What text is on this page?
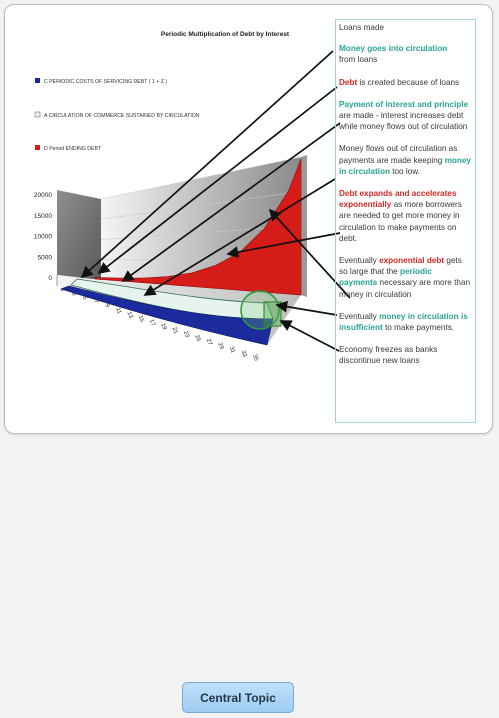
Periodic Multiplication of Debt by Interest
C PERIODIC COSTS OF SERVICING DEBT ( 1 + Z )
A CIRCULATION OF COMMERCE SUSTAINED BY CIRCULATION
D Period ENDING DEBT
20000
15000
10000
5000
0
1
3
5
7
9
11
13 15 17 19 21 23 25 27 29 31 33 35
Loans made
Money goes into circulation
from loans
Debt is created because of loans
Payment of interest and principle are made - interest increases debt while money flows out of circulation
Money flows out of circulation as payments are made keeping money in circulation too low.
Debt expands and accelerates exponentially as more borrowers are needed to get more money in circulation to make payments on debt.
Eventually exponential debt gets so large that the periodic payments necessary are more than money in circulation
Eventually money in circulation is insufficient to make payments.
Economy freezes as banks discontinue new loans
Central Topic
